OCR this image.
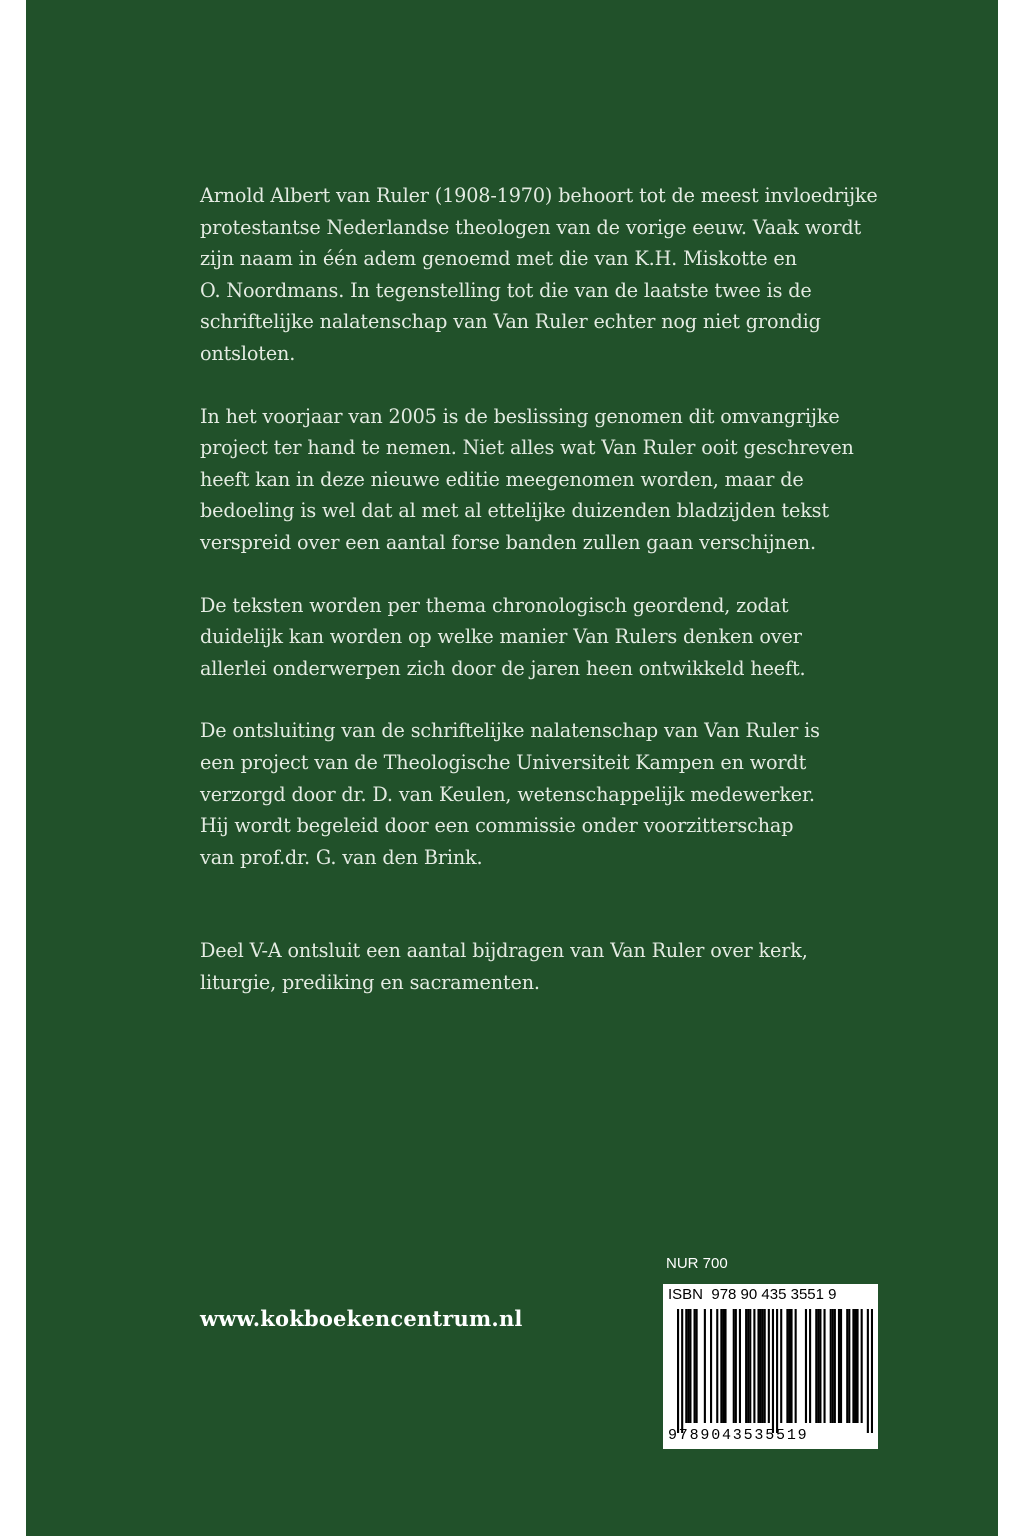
Arnold Albert van Ruler (1908-1970) behoort tot de meest invloedrijke
protestantse Nederlandse theologen van de vorige eeuw. Vaak wordt
zijn naam in één adem genoemd met die van K.H. Miskotte en
O. Noordmans. In tegenstelling tot die van de laatste twee is de
schriftelijke nalatenschap van Van Ruler echter nog niet grondig
ontsloten.
In het voorjaar van 2005 is de beslissing genomen dit omvangrijke
project ter hand te nemen. Niet alles wat Van Ruler ooit geschreven
heeft kan in deze nieuwe editie meegenomen worden, maar de
bedoeling is wel dat al met al ettelijke duizenden bladzijden tekst
verspreid over een aantal forse banden zullen gaan verschijnen.
De teksten worden per thema chronologisch geordend, zodat
duidelijk kan worden op welke manier Van Rulers denken over
allerlei onderwerpen zich door de jaren heen ontwikkeld heeft.
De ontsluiting van de schriftelijke nalatenschap van Van Ruler is
een project van de Theologische Universiteit Kampen en wordt
verzorgd door dr. D. van Keulen, wetenschappelijk medewerker.
Hij wordt begeleid door een commissie onder voorzitterschap
van prof.dr. G. van den Brink.
Deel V-A ontsluit een aantal bijdragen van Van Ruler over kerk,
liturgie, prediking en sacramenten.
www.kokboekencentrum.nl
NUR 700
ISBN 978 90 435 3551 9
9789043535519
